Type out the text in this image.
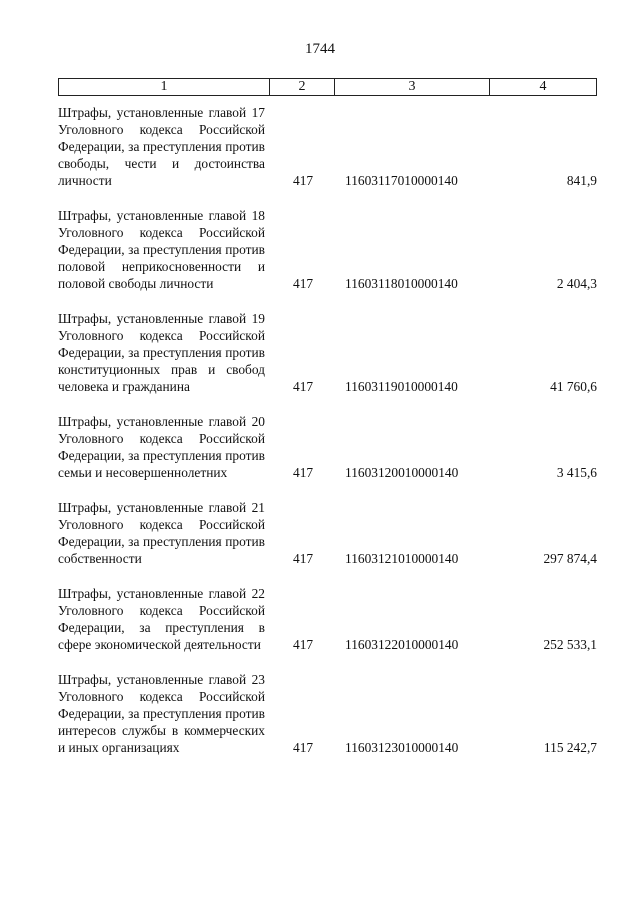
1744
1	2	3	4
Штрафы, установленные главой 17 Уголовного кодекса Российской Федерации, за преступления против свободы, чести и достоинства личности	417 11603117010000140	841,9
Штрафы, установленные главой 18 Уголовного кодекса Российской Федерации, за преступления против половой неприкосновенности и половой свободы личности	417 11603118010000140	2 404,3
Штрафы, установленные главой 19 Уголовного кодекса Российской Федерации, за преступления против конституционных прав и свобод человека и гражданина	417 11603119010000140	41 760,6
Штрафы, установленные главой 20 Уголовного кодекса Российской Федерации, за преступления против семьи и несовершеннолетних	417 11603120010000140	3 415,6
Штрафы, установленные главой 21 Уголовного кодекса Российской Федерации, за преступления против собственности	417 11603121010000140	297 874,4
Штрафы, установленные главой 22 Уголовного кодекса Российской Федерации, за преступления в сфере экономической деятельности	417 11603122010000140	252 533,1
Штрафы, установленные главой 23 Уголовного кодекса Российской Федерации, за преступления против интересов службы в коммерческих и иных организациях	417 11603123010000140	115 242,7
